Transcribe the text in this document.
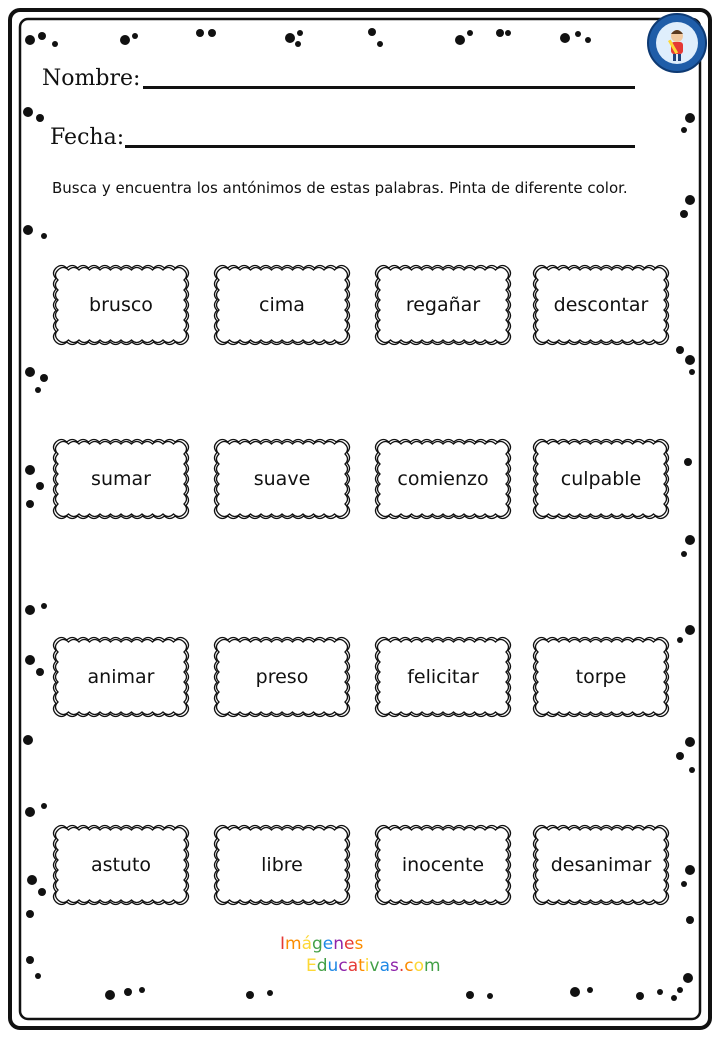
Nombre:
Fecha:
Busca y encuentra los antónimos de estas palabras. Pinta de diferente color.
brusco	cima	regañar	descontar
sumar	suave	comienzo	culpable
animar	preso	felicitar	torpe
astuto	libre	inocente	desanimar
Imágenes
Educativas.com
